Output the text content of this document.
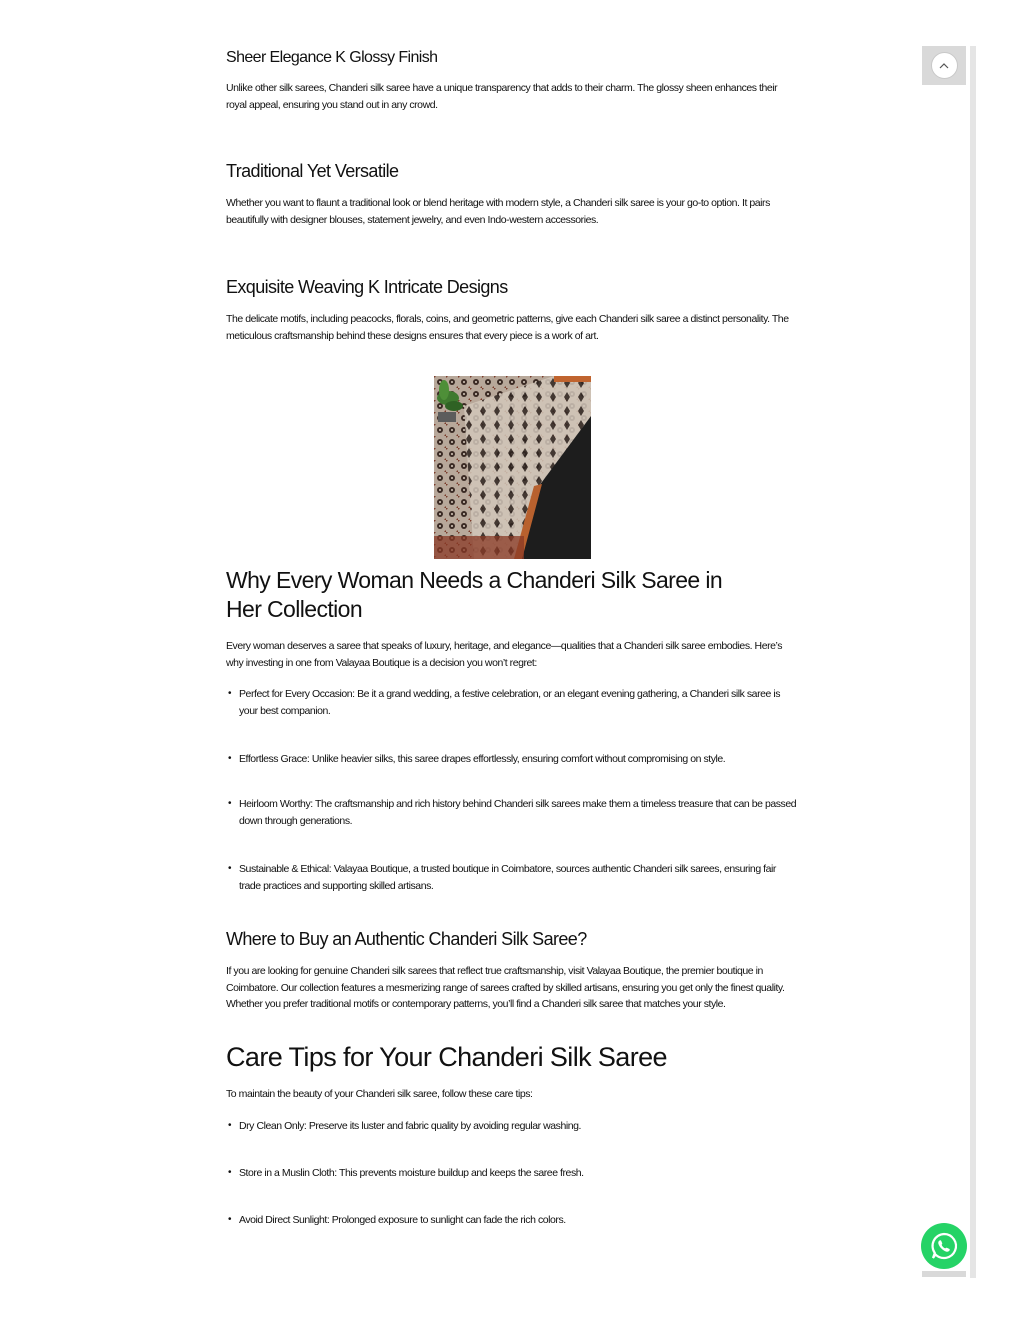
Sheer Elegance K Glossy Finish

Unlike other silk sarees, Chanderi silk saree have a unique transparency that adds to their charm. The glossy sheen enhances their royal appeal, ensuring you stand out in any crowd.

Traditional Yet Versatile

Whether you want to flaunt a traditional look or blend heritage with modern style, a Chanderi silk saree is your go-to option. It pairs beautifully with designer blouses, statement jewelry, and even Indo-western accessories.

Exquisite Weaving K Intricate Designs

The delicate motifs, including peacocks, florals, coins, and geometric patterns, give each Chanderi silk saree a distinct personality. The meticulous craftsmanship behind these designs ensures that every piece is a work of art.

Why Every Woman Needs a Chanderi Silk Saree in Her Collection

Every woman deserves a saree that speaks of luxury, heritage, and elegance—qualities that a Chanderi silk saree embodies. Here’s why investing in one from Valayaa Boutique is a decision you won’t regret:

• Perfect for Every Occasion: Be it a grand wedding, a festive celebration, or an elegant evening gathering, a Chanderi silk saree is your best companion.
• Effortless Grace: Unlike heavier silks, this saree drapes effortlessly, ensuring comfort without compromising on style.
• Heirloom Worthy: The craftsmanship and rich history behind Chanderi silk sarees make them a timeless treasure that can be passed down through generations.
• Sustainable & Ethical: Valayaa Boutique, a trusted boutique in Coimbatore, sources authentic Chanderi silk sarees, ensuring fair trade practices and supporting skilled artisans.
Where to Buy an Authentic Chanderi Silk Saree?

If you are looking for genuine Chanderi silk sarees that reflect true craftsmanship, visit Valayaa Boutique, the premier boutique in Coimbatore. Our collection features a mesmerizing range of sarees crafted by skilled artisans, ensuring you get only the finest quality. Whether you prefer traditional motifs or contemporary patterns, you’ll find a Chanderi silk saree that matches your style.

Care Tips for Your Chanderi Silk Saree

To maintain the beauty of your Chanderi silk saree, follow these care tips:

• Dry Clean Only: Preserve its luster and fabric quality by avoiding regular washing.
• Store in a Muslin Cloth: This prevents moisture buildup and keeps the saree fresh.
• Avoid Direct Sunlight: Prolonged exposure to sunlight can fade the rich colors.
